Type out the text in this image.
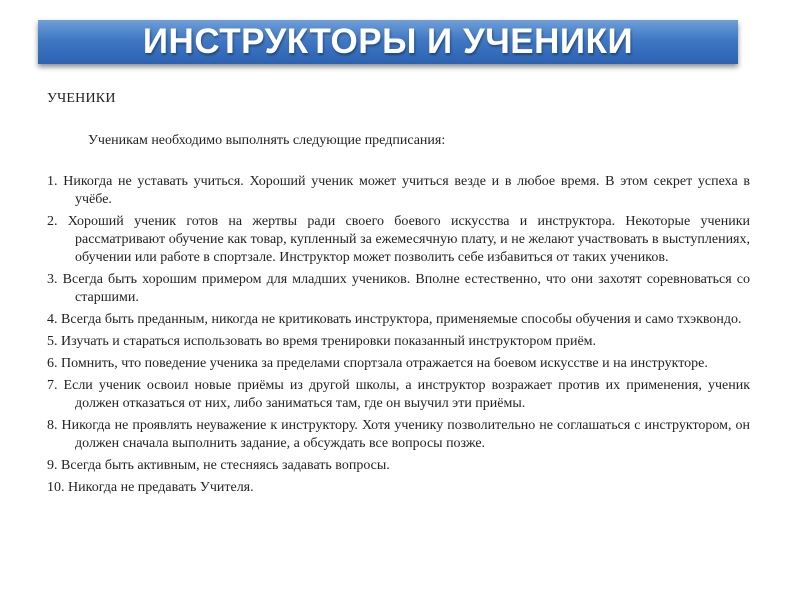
ИНСТРУКТОРЫ И УЧЕНИКИ
УЧЕНИКИ
Ученикам необходимо выполнять следующие предписания:
1. Никогда не уставать учиться. Хороший ученик может учиться везде и в любое время. В этом секрет успеха в учёбе.
2. Хороший ученик готов на жертвы ради своего боевого искусства и инструктора. Некоторые ученики рассматривают обучение как товар, купленный за ежемесячную плату, и не желают участвовать в выступлениях, обучении или работе в спортзале. Инструктор может позволить себе избавиться от таких учеников.
3. Всегда быть хорошим примером для младших учеников. Вполне естественно, что они захотят соревноваться со старшими.
4. Всегда быть преданным, никогда не критиковать инструктора, применяемые способы обучения и само тхэквондо.
5. Изучать и стараться использовать во время тренировки показанный инструктором приём.
6. Помнить, что поведение ученика за пределами спортзала отражается на боевом искусстве и на инструкторе.
7. Если ученик освоил новые приёмы из другой школы, а инструктор возражает против их применения, ученик должен отказаться от них, либо заниматься там, где он выучил эти приёмы.
8. Никогда не проявлять неуважение к инструктору. Хотя ученику позволительно не соглашаться с инструктором, он должен сначала выполнить задание, а обсуждать все вопросы позже.
9. Всегда быть активным, не стесняясь задавать вопросы.
10. Никогда не предавать Учителя.
